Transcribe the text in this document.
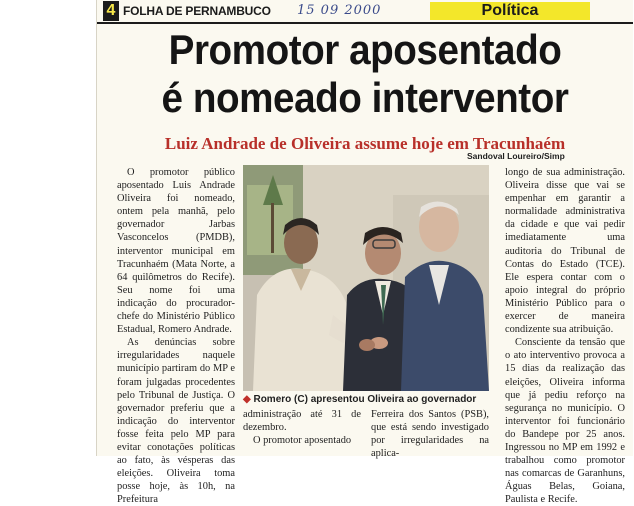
4 FOLHA DE PERNAMBUCO 15 09 2000	Política
Promotor aposentado
é nomeado interventor
Luiz Andrade de Oliveira assume hoje em Tracunhaém

O promotor público aposentado Luis Andrade Oliveira foi nomeado, ontem pela manhã, pelo governador Jarbas Vasconcelos (PMDB), interventor municipal em Tracunhaém (Mata Norte, a 64 quilômetros do Recife). Seu nome foi uma indicação do procurador-chefe do Ministério Público Estadual, Romero Andrade.

As denúncias sobre irregularidades naquele município partiram do MP e foram julgadas procedentes pelo Tribunal de Justiça. O governador preferiu que a indicação do interventor fosse feita pelo MP para evitar conotações políticas ao fato, às vésperas das eleições. Oliveira toma posse hoje, às 10h, na Prefeitura

Sandoval Loureiro/Simp
◆ Romero (C) apresentou Oliveira ao governador

administração até 31 de dezembro.

O promotor aposentado

Ferreira dos Santos (PSB), que está sendo investigado por irregularidades na aplica-

longo de sua administração. Oliveira disse que vai se empenhar em garantir a normalidade administrativa da cidade e que vai pedir imediatamente uma auditoria do Tribunal de Contas do Estado (TCE). Ele espera contar com o apoio integral do próprio Ministério Público para o exercer de maneira condizente sua atribuição.

Consciente da tensão que o ato interventivo provoca a 15 dias da realização das eleições, Oliveira informa que já pediu reforço na segurança no município. O interventor foi funcionário do Bandepe por 25 anos. Ingressou no MP em 1992 e trabalhou como promotor nas comarcas de Garanhuns, Águas Belas, Goiana, Paulista e Recife.
